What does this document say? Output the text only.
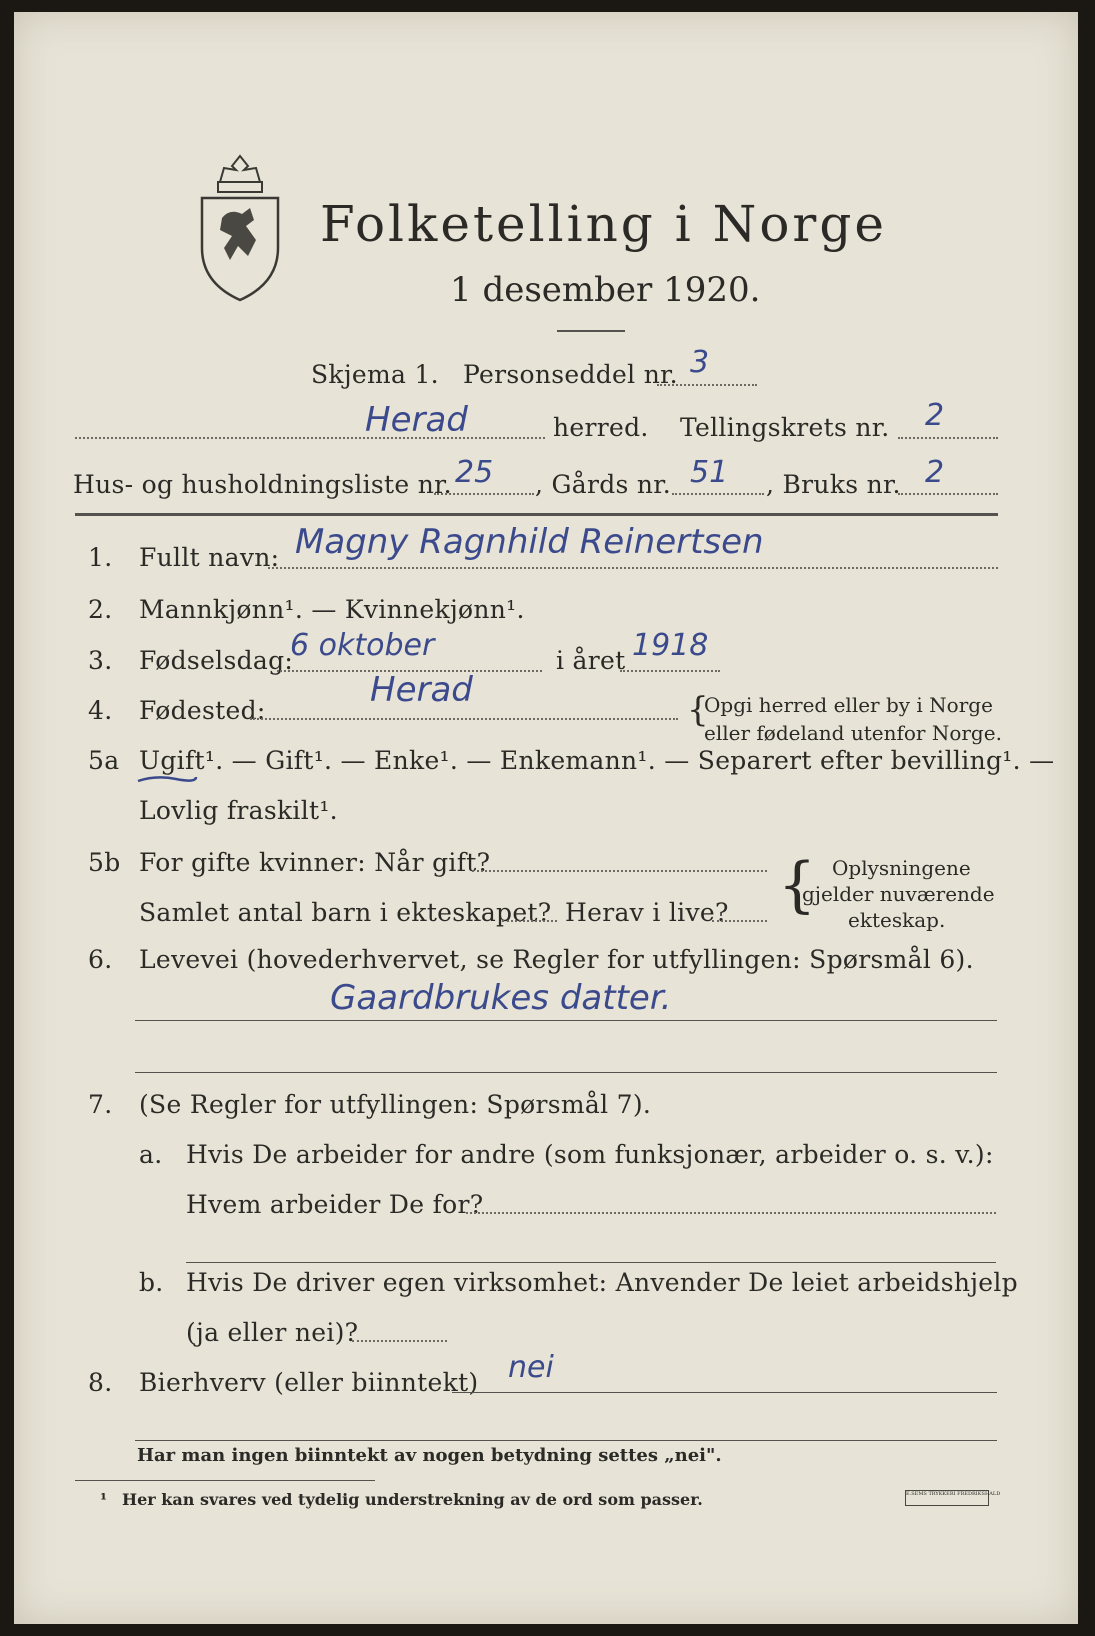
Folketelling i Norge
1 desember 1920.
Skjema 1. Personseddel nr. 3
Herad	herred. Tellingskrets nr. 2
Hus- og husholdningsliste nr. 25 , Gårds nr. 51 , Bruks nr. 2
1. Fullt navn: Magny Ragnhild Reinertsen
2. Mannkjønn¹. — Kvinnekjønn¹.
3. Fødselsdag:
6 oktober	i året 1918
4. Fødested:
Herad	{
Opgi herred eller by i Norge
eller fødeland utenfor Norge.
5a Ugift¹. — Gift¹. — Enke¹. — Enkemann¹. — Separert efter bevilling¹. —
Lovlig fraskilt¹.
5b For gifte kvinner: Når gift?
Samlet antal barn i ekteskapet? Herav i live? { Oplysningene
gjelder nuværende
ekteskap.
6. Levevei (hovederhvervet, se Regler for utfyllingen: Spørsmål 6).
Gaardbrukes datter.
7. (Se Regler for utfyllingen: Spørsmål 7).
a. Hvis De arbeider for andre (som funksjonær, arbeider o. s. v.):
Hvem arbeider De for?
b. Hvis De driver egen virksomhet: Anvender De leiet arbeidshjelp
(ja eller nei)?
8. Bierhverv (eller biinntekt) nei
Har man ingen biinntekt av nogen betydning settes „nei".
¹ Her kan svares ved tydelig understrekning av de ord som passer.	E.SEMS TRYKKERI FREDRIKSHALD
